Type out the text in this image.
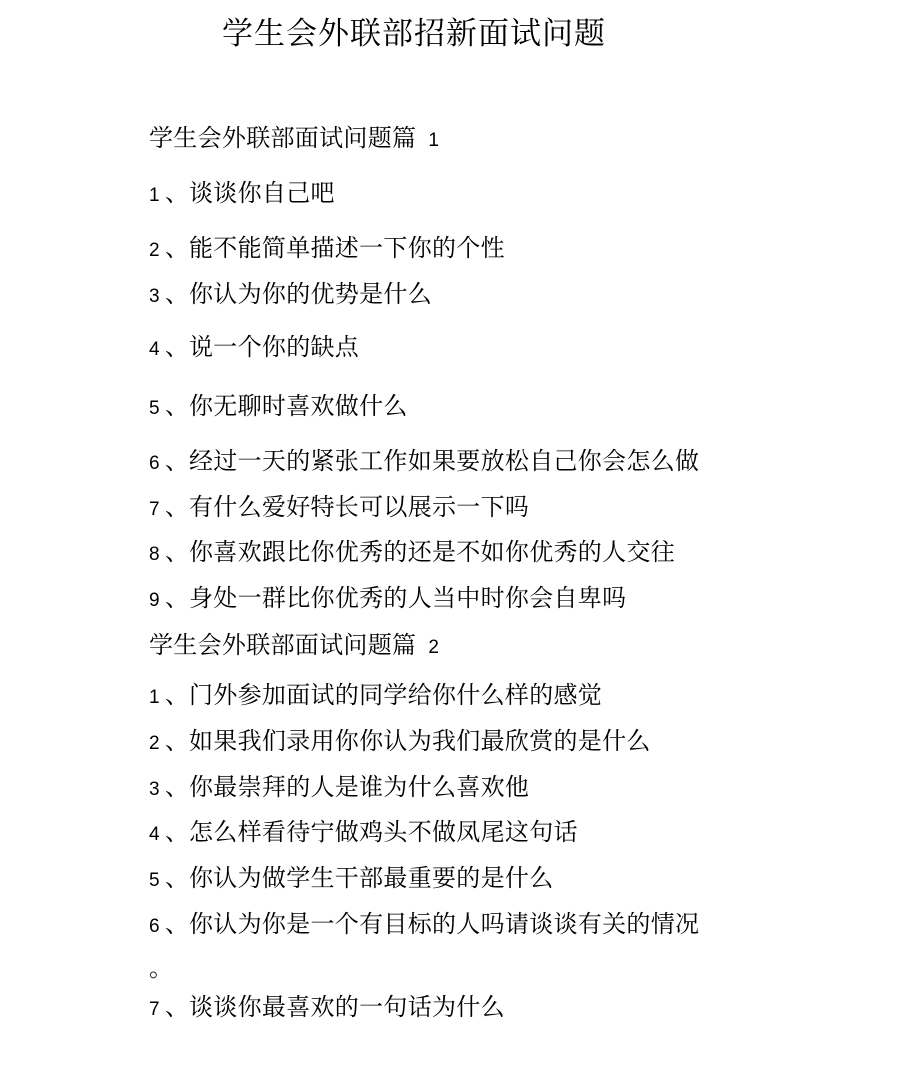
学生会外联部招新面试问题
学生会外联部面试问题篇 1
1 、谈谈你自己吧
2 、能不能简单描述一下你的个性
3 、你认为你的优势是什么
4 、说一个你的缺点
5 、你无聊时喜欢做什么
6 、经过一天的紧张工作如果要放松自己你会怎么做
7 、有什么爱好特长可以展示一下吗
8 、你喜欢跟比你优秀的还是不如你优秀的人交往
9 、身处一群比你优秀的人当中时你会自卑吗
学生会外联部面试问题篇 2
1 、门外参加面试的同学给你什么样的感觉
2 、如果我们录用你你认为我们最欣赏的是什么
3 、你最崇拜的人是谁为什么喜欢他
4 、怎么样看待宁做鸡头不做凤尾这句话
5 、你认为做学生干部最重要的是什么
6 、你认为你是一个有目标的人吗请谈谈有关的情况
。
7 、谈谈你最喜欢的一句话为什么
